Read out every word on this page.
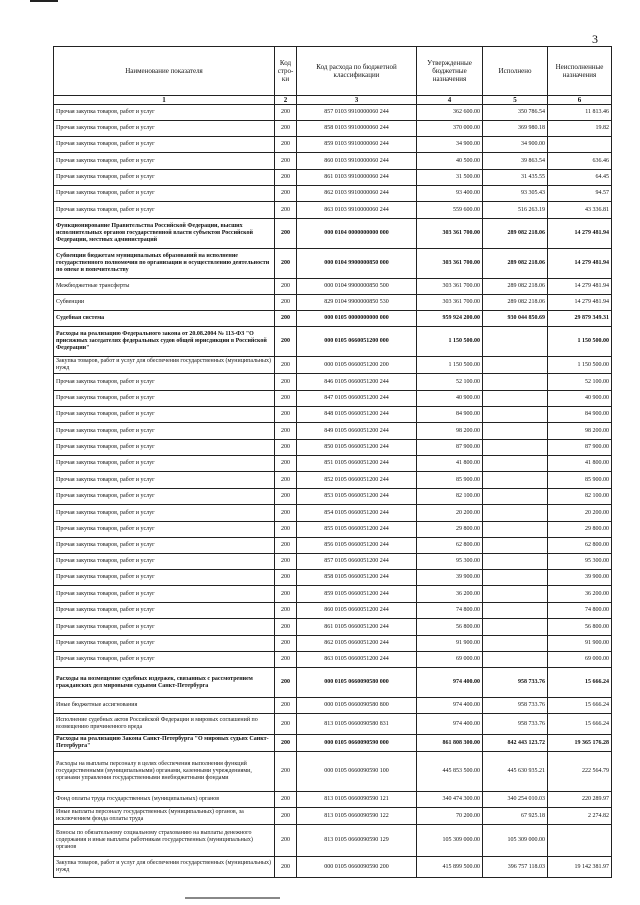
3
Наименование показателя	Код стро-ки	Код расхода по бюджетной классификации	Утвержденные бюджетные назначения	Исполнено	Неисполненные назначения
1	2	3	4	5	6
Прочая закупка товаров, работ и услуг	200	857 0103 9910000060 244	362 600.00	350 786.54	11 813.46
Прочая закупка товаров, работ и услуг	200	858 0103 9910000060 244	370 000.00	369 980.18	19.82
Прочая закупка товаров, работ и услуг	200	859 0103 9910000060 244	34 900.00	34 900.00	
Прочая закупка товаров, работ и услуг	200	860 0103 9910000060 244	40 500.00	39 863.54	636.46
Прочая закупка товаров, работ и услуг	200	861 0103 9910000060 244	31 500.00	31 435.55	64.45
Прочая закупка товаров, работ и услуг	200	862 0103 9910000060 244	93 400.00	93 305.43	94.57
Прочая закупка товаров, работ и услуг	200	863 0103 9910000060 244	559 600.00	516 263.19	43 336.81
Функционирование Правительства Российской Федерации, высших исполнительных органов государственной власти субъектов Российской Федерации, местных администраций	200	000 0104 0000000000 000	303 361 700.00	289 082 218.06	14 279 481.94
Субвенции бюджетам муниципальных образований на исполнение государственного полномочия по организации и осуществлению деятельности по опеке и попечительству	200	000 0104 9900000850 000	303 361 700.00	289 082 218.06	14 279 481.94
Межбюджетные трансферты	200	000 0104 9900000850 500	303 361 700.00	289 082 218.06	14 279 481.94
Субвенции	200	829 0104 9900000850 530	303 361 700.00	289 082 218.06	14 279 481.94
Судебная система	200	000 0105 0000000000 000	959 924 200.00	930 044 850.69	29 879 349.31
Расходы на реализацию Федерального закона от 20.08.2004 № 113-ФЗ "О присяжных заседателях федеральных судов общей юрисдикции в Российской Федерации"	200	000 0105 0660051200 000	1 150 500.00		1 150 500.00
Закупка товаров, работ и услуг для обеспечения государственных (муниципальных) нужд	200	000 0105 0660051200 200	1 150 500.00		1 150 500.00
Прочая закупка товаров, работ и услуг	200	846 0105 0660051200 244	52 100.00		52 100.00
Прочая закупка товаров, работ и услуг	200	847 0105 0660051200 244	40 900.00		40 900.00
Прочая закупка товаров, работ и услуг	200	848 0105 0660051200 244	84 900.00		84 900.00
Прочая закупка товаров, работ и услуг	200	849 0105 0660051200 244	98 200.00		98 200.00
Прочая закупка товаров, работ и услуг	200	850 0105 0660051200 244	87 900.00		87 900.00
Прочая закупка товаров, работ и услуг	200	851 0105 0660051200 244	41 800.00		41 800.00
Прочая закупка товаров, работ и услуг	200	852 0105 0660051200 244	85 900.00		85 900.00
Прочая закупка товаров, работ и услуг	200	853 0105 0660051200 244	82 100.00		82 100.00
Прочая закупка товаров, работ и услуг	200	854 0105 0660051200 244	20 200.00		20 200.00
Прочая закупка товаров, работ и услуг	200	855 0105 0660051200 244	29 800.00		29 800.00
Прочая закупка товаров, работ и услуг	200	856 0105 0660051200 244	62 800.00		62 800.00
Прочая закупка товаров, работ и услуг	200	857 0105 0660051200 244	95 300.00		95 300.00
Прочая закупка товаров, работ и услуг	200	858 0105 0660051200 244	39 900.00		39 900.00
Прочая закупка товаров, работ и услуг	200	859 0105 0660051200 244	36 200.00		36 200.00
Прочая закупка товаров, работ и услуг	200	860 0105 0660051200 244	74 800.00		74 800.00
Прочая закупка товаров, работ и услуг	200	861 0105 0660051200 244	56 800.00		56 800.00
Прочая закупка товаров, работ и услуг	200	862 0105 0660051200 244	91 900.00		91 900.00
Прочая закупка товаров, работ и услуг	200	863 0105 0660051200 244	69 000.00		69 000.00
Расходы на возмещение судебных издержек, связанных с рассмотрением гражданских дел мировыми судьями Санкт-Петербурга	200	000 0105 0660090580 000	974 400.00	958 733.76	15 666.24
Иные бюджетные ассигнования	200	000 0105 0660090580 800	974 400.00	958 733.76	15 666.24
Исполнение судебных актов Российской Федерации и мировых соглашений по возмещению причиненного вреда	200	813 0105 0660090580 831	974 400.00	958 733.76	15 666.24
Расходы на реализацию Закона Санкт-Петербурга "О мировых судьях Санкт-Петербурга"	200	000 0105 0660090590 000	861 808 300.00	842 443 123.72	19 365 176.28
Расходы на выплаты персоналу в целях обеспечения выполнения функций государственными (муниципальными) органами, казенными учреждениями, органами управления государственными внебюджетными фондами	200	000 0105 0660090590 100	445 853 500.00	445 630 935.21	222 564.79
Фонд оплаты труда государственных (муниципальных) органов	200	813 0105 0660090590 121	340 474 300.00	340 254 010.03	220 289.97
Иные выплаты персоналу государственных (муниципальных) органов, за исключением фонда оплаты труда	200	813 0105 0660090590 122	70 200.00	67 925.18	2 274.82
Взносы по обязательному социальному страхованию на выплаты денежного содержания и иные выплаты работникам государственных (муниципальных) органов	200	813 0105 0660090590 129	105 309 000.00	105 309 000.00	
Закупка товаров, работ и услуг для обеспечения государственных (муниципальных) нужд	200	000 0105 0660090590 200	415 899 500.00	396 757 118.03	19 142 381.97
